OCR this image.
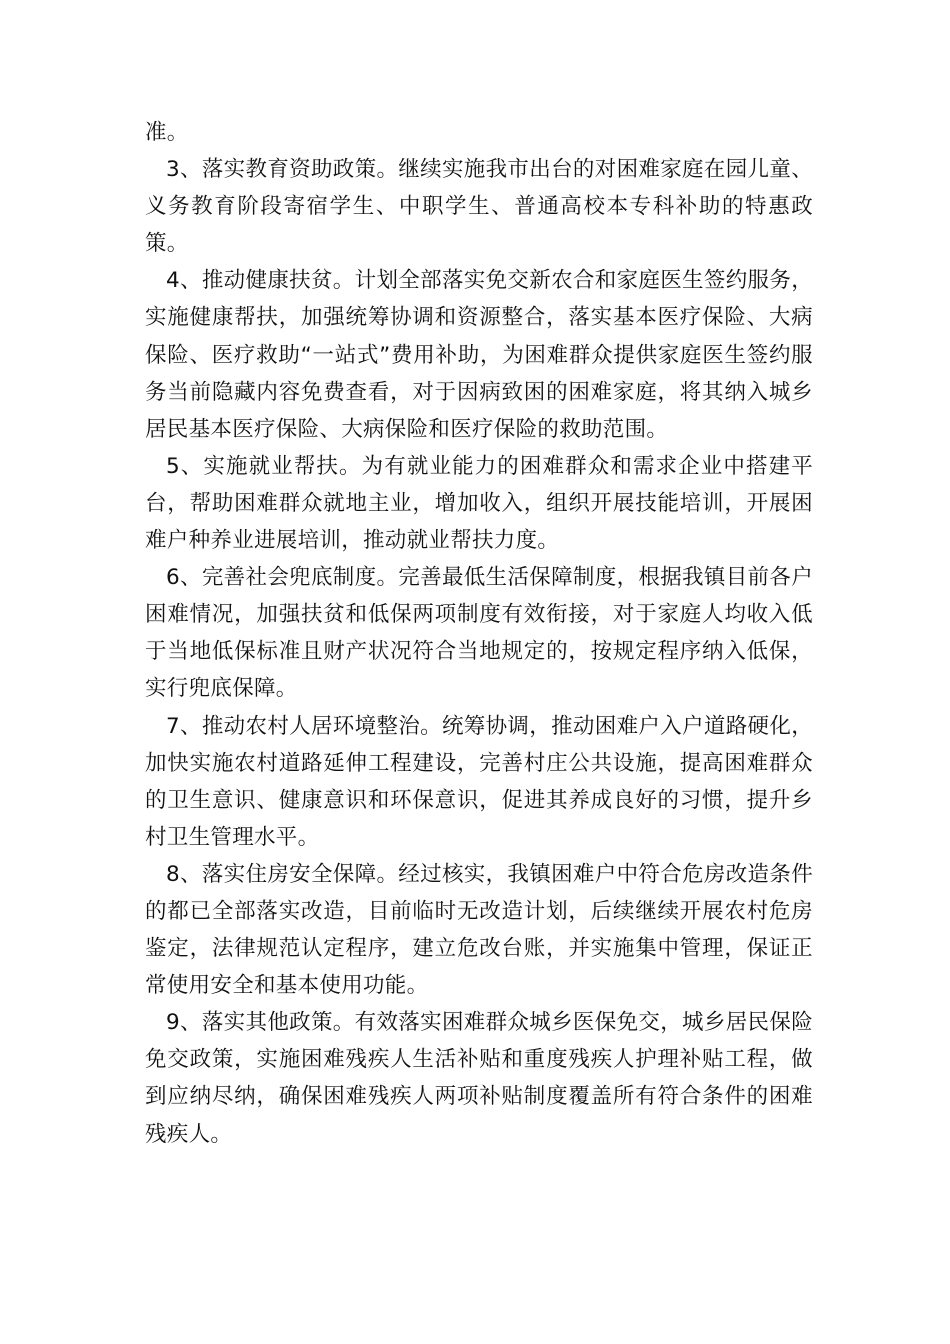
准。

3、落实教育资助政策。继续实施我市出台的对困难家庭在园儿童、义务教育阶段寄宿学生、中职学生、普通高校本专科补助的特惠政策。

4、推动健康扶贫。计划全部落实免交新农合和家庭医生签约服务，实施健康帮扶，加强统筹协调和资源整合，落实基本医疗保险、大病保险、医疗救助“一站式”费用补助，为困难群众提供家庭医生签约服务当前隐藏内容免费查看，对于因病致困的困难家庭，将其纳入城乡居民基本医疗保险、大病保险和医疗保险的救助范围。

5、实施就业帮扶。为有就业能力的困难群众和需求企业中搭建平台，帮助困难群众就地主业，增加收入，组织开展技能培训，开展困难户种养业进展培训，推动就业帮扶力度。

6、完善社会兜底制度。完善最低生活保障制度，根据我镇目前各户困难情况，加强扶贫和低保两项制度有效衔接，对于家庭人均收入低于当地低保标准且财产状况符合当地规定的，按规定程序纳入低保，实行兜底保障。

7、推动农村人居环境整治。统筹协调，推动困难户入户道路硬化，加快实施农村道路延伸工程建设，完善村庄公共设施，提高困难群众的卫生意识、健康意识和环保意识，促进其养成良好的习惯，提升乡村卫生管理水平。

8、落实住房安全保障。经过核实，我镇困难户中符合危房改造条件的都已全部落实改造，目前临时无改造计划，后续继续开展农村危房鉴定，法律规范认定程序，建立危改台账，并实施集中管理，保证正常使用安全和基本使用功能。

9、落实其他政策。有效落实困难群众城乡医保免交，城乡居民保险免交政策，实施困难残疾人生活补贴和重度残疾人护理补贴工程，做到应纳尽纳，确保困难残疾人两项补贴制度覆盖所有符合条件的困难残疾人。
